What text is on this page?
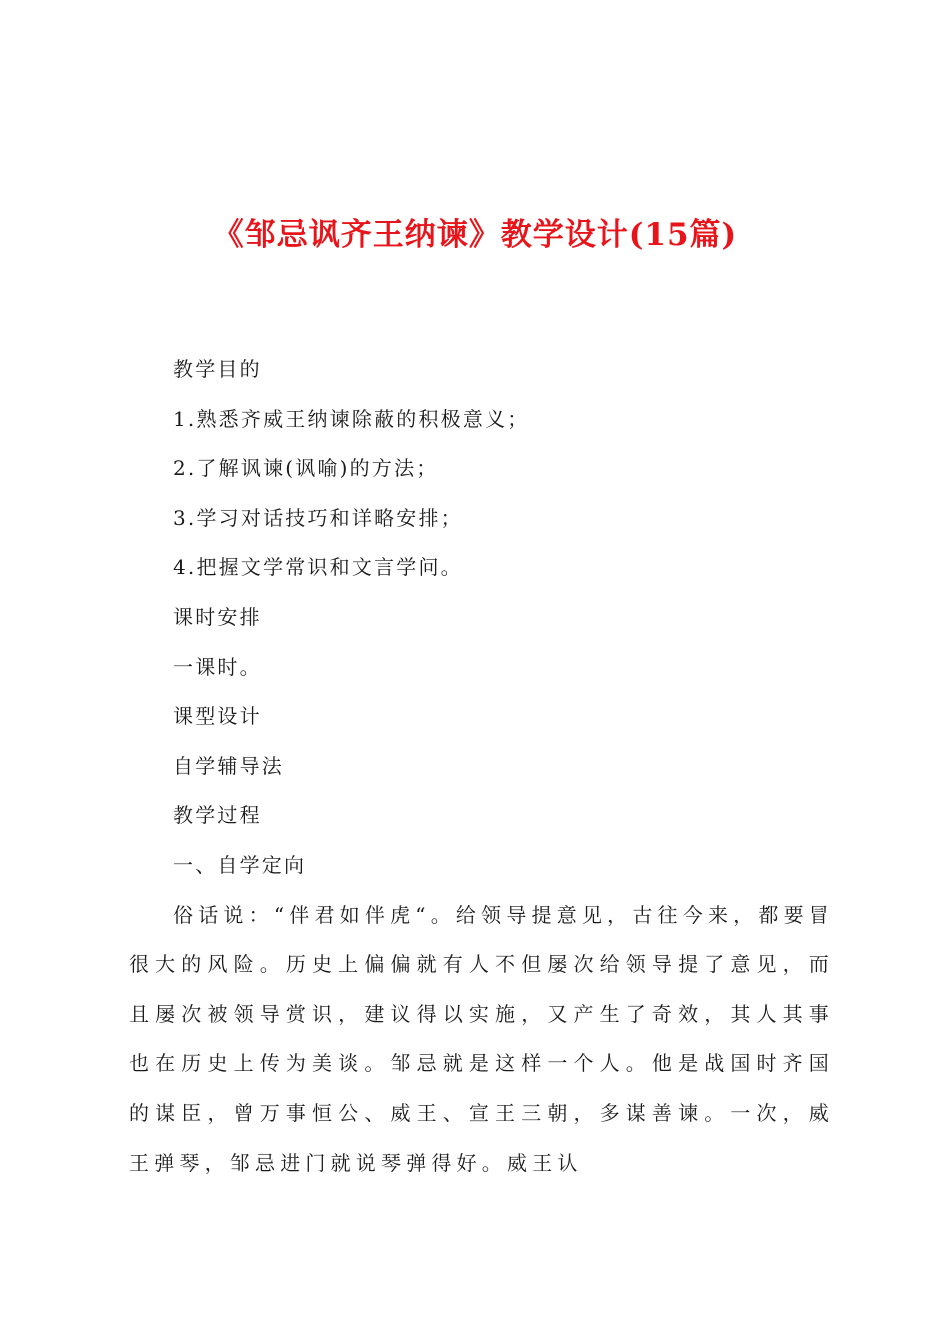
《邹忌讽齐王纳谏》教学设计(15篇)

教学目的

1.熟悉齐威王纳谏除蔽的积极意义；

2.了解讽谏(讽喻)的方法；

3.学习对话技巧和详略安排；

4.把握文学常识和文言学问。

课时安排

一课时。

课型设计

自学辅导法

教学过程

一、自学定向

俗话说：“伴君如伴虎“。给领导提意见，古往今来，都要冒很大的风险。历史上偏偏就有人不但屡次给领导提了意见，而且屡次被领导赏识，建议得以实施，又产生了奇效，其人其事也在历史上传为美谈。邹忌就是这样一个人。他是战国时齐国的谋臣，曾万事恒公、威王、宣王三朝，多谋善谏。一次，威王弹琴，邹忌进门就说琴弹得好。威王认
